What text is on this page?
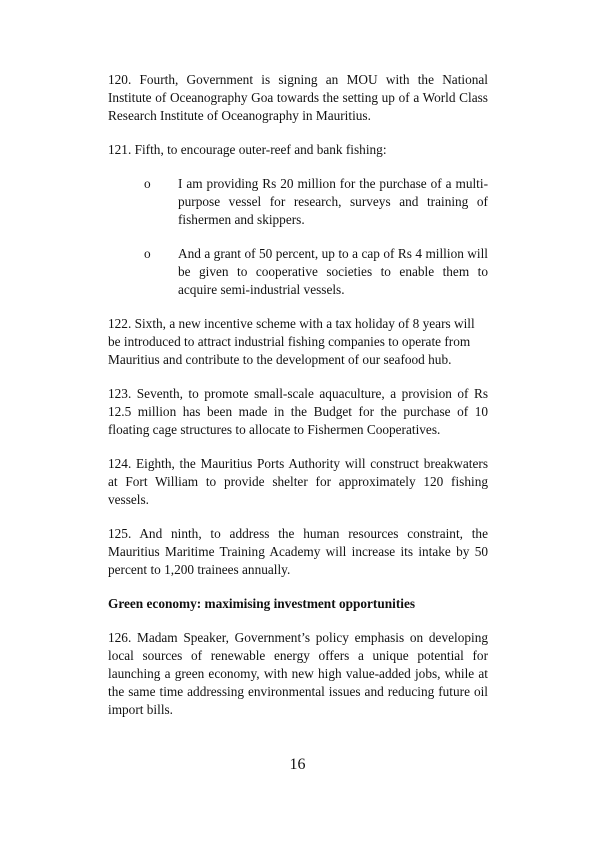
120. Fourth, Government is signing an MOU with the National Institute of Oceanography Goa towards the setting up of a World Class Research Institute of Oceanography in Mauritius.

121. Fifth, to encourage outer-reef and bank fishing:

o I am providing Rs 20 million for the purchase of a multi-purpose vessel for research, surveys and training of fishermen and skippers.
o And a grant of 50 percent, up to a cap of Rs 4 million will be given to cooperative societies to enable them to acquire semi-industrial vessels.

122. Sixth, a new incentive scheme with a tax holiday of 8 years will be introduced to attract industrial fishing companies to operate from Mauritius and contribute to the development of our seafood hub.

123. Seventh, to promote small-scale aquaculture, a provision of Rs 12.5 million has been made in the Budget for the purchase of 10 floating cage structures to allocate to Fishermen Cooperatives.

124. Eighth, the Mauritius Ports Authority will construct breakwaters at Fort William to provide shelter for approximately 120 fishing vessels.

125. And ninth, to address the human resources constraint, the Mauritius Maritime Training Academy will increase its intake by 50 percent to 1,200 trainees annually.

Green economy: maximising investment opportunities

126. Madam Speaker, Government’s policy emphasis on developing local sources of renewable energy offers a unique potential for launching a green economy, with new high value-added jobs, while at the same time addressing environmental issues and reducing future oil import bills.

16
